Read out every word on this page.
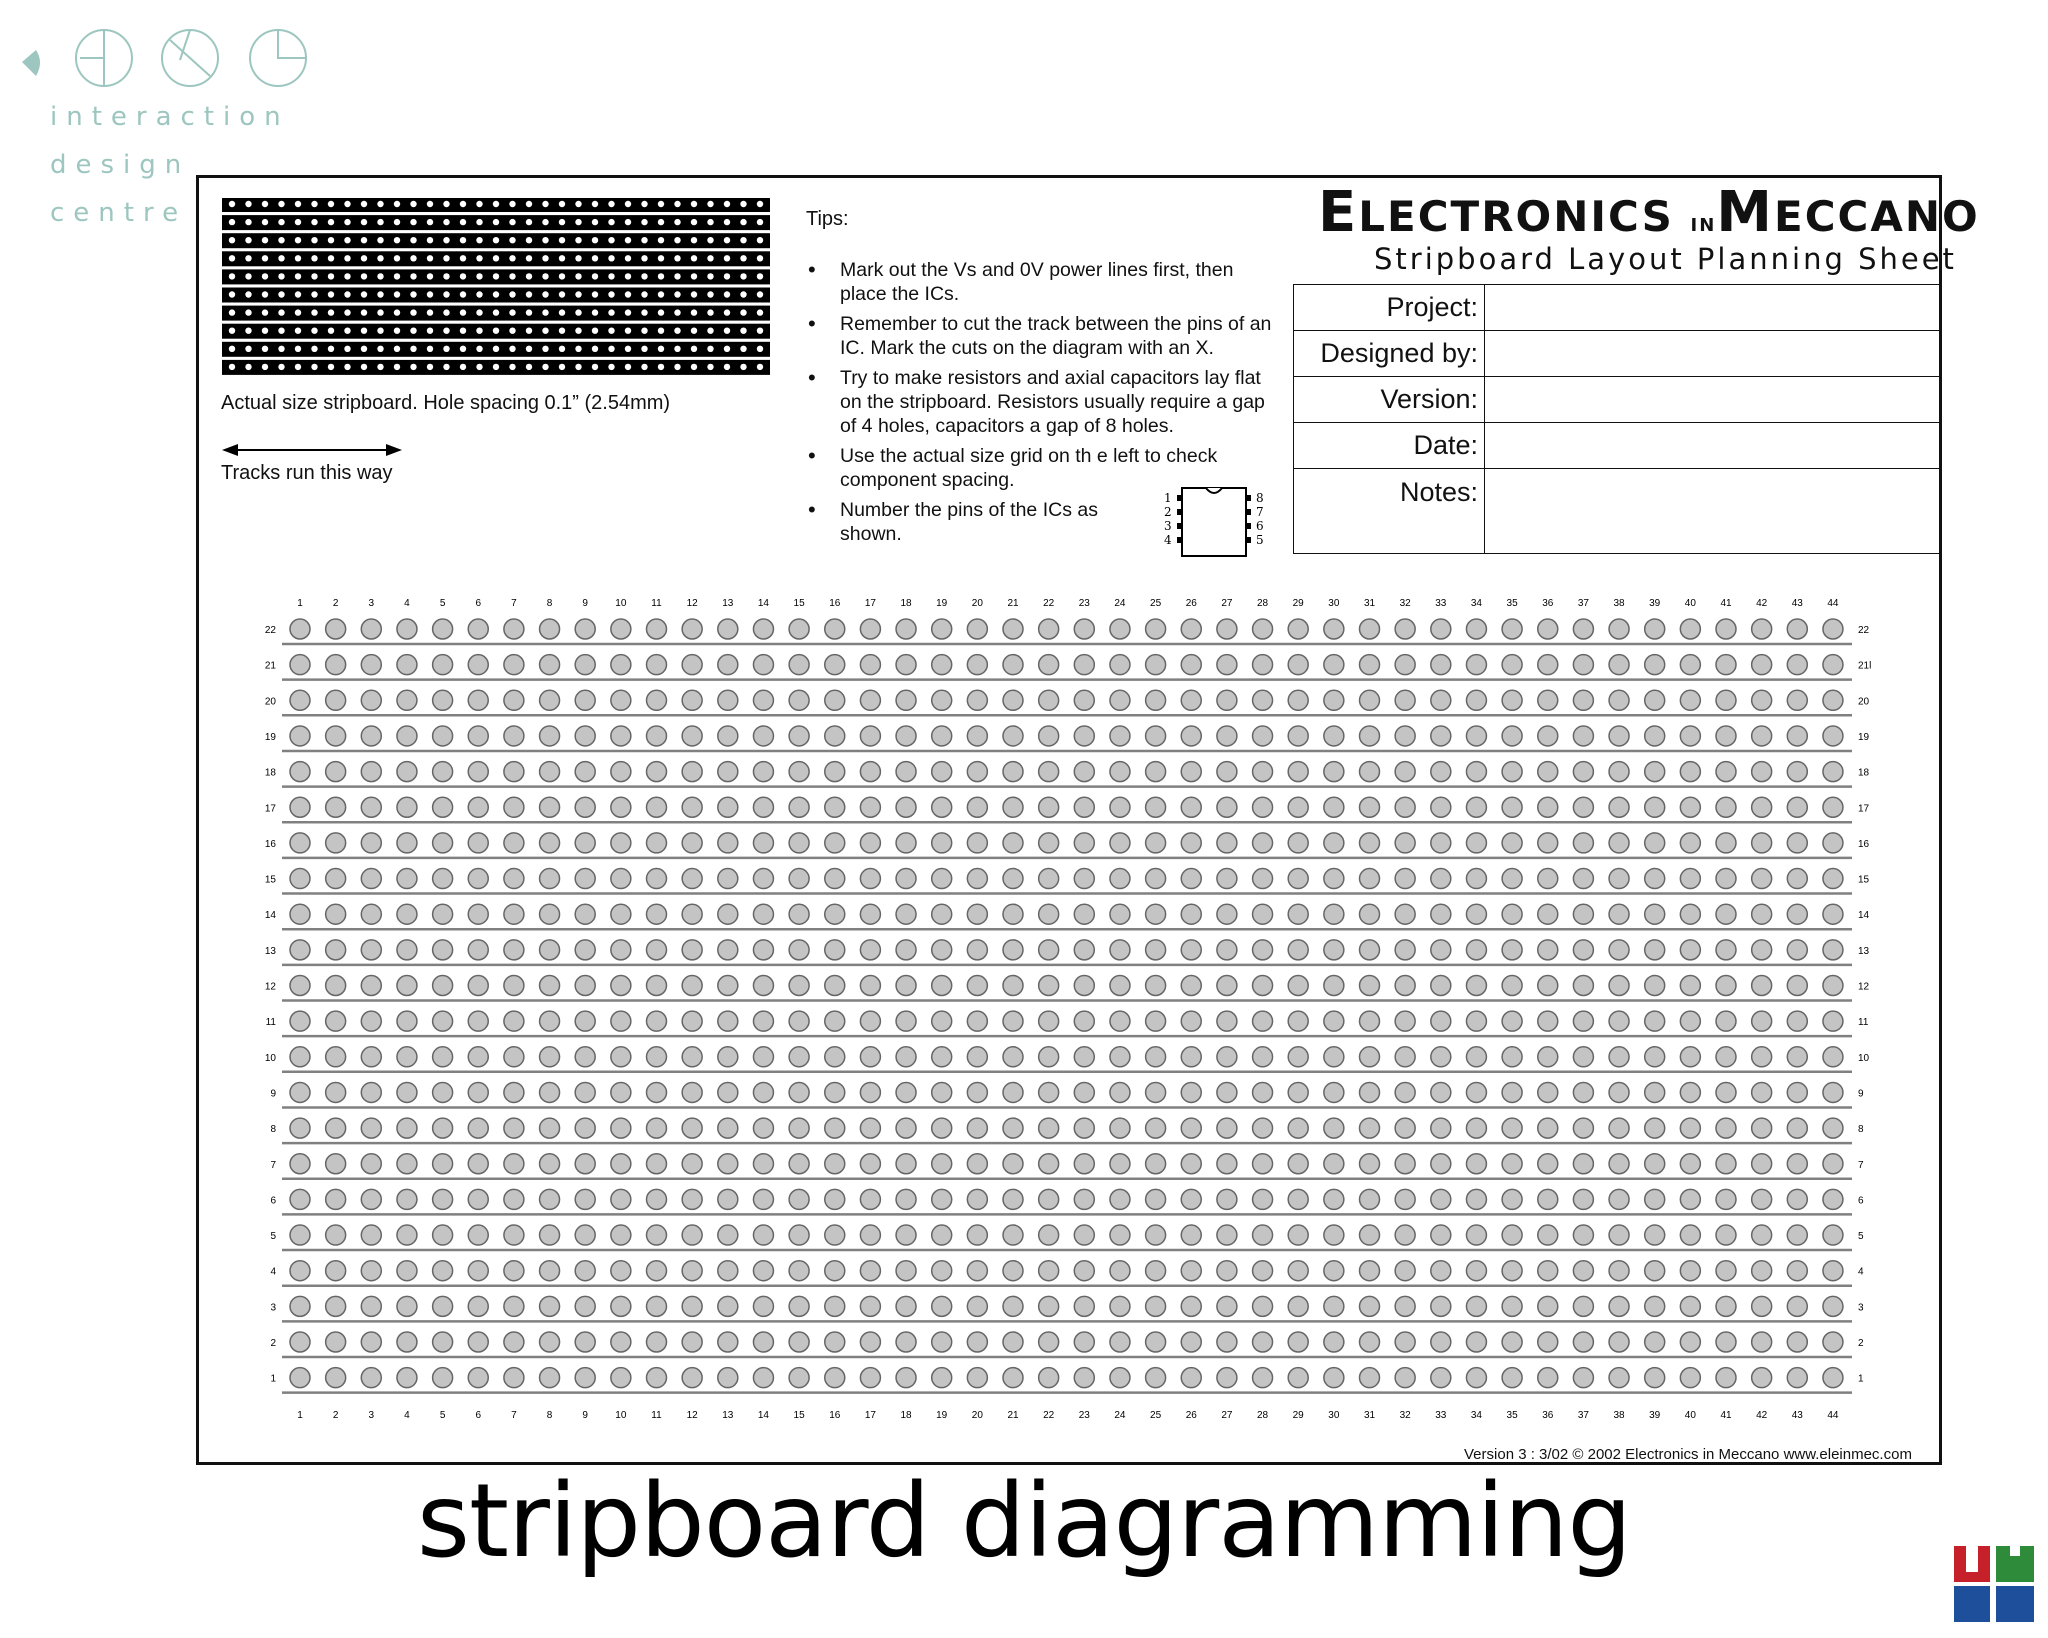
interaction
design
centre
Actual size stripboard. Hole spacing 0.1” (2.54mm)
Tracks run this way
Tips:
• Mark out the Vs and 0V power lines first, then place the ICs.
• Remember to cut the track between the pins of an IC. Mark the cuts on the diagram with an X.
• Try to make resistors and axial capacitors lay flat on the stripboard. Resistors usually require a gap of 4 holes, capacitors a gap of 8 holes.
• Use the actual size grid on th e left to check component spacing.
• Number the pins of the ICs as shown.
1
2
3
4
8
7
6
5
ELECTRONICS INMECCANO
Stripboard Layout Planning Sheet
Project:	
Designed by:	
Version:	
Date:	
Notes:	
1
1
2
2
3
3
4
4
5
5
6
6
7
7
8
8
9
9
10
10
11
11
12
12
13
13
14
14
15
15
16
16
17
17
18
18
19
19
20
20
21
21
22
22
23
23
24
24
25
25
26
26
27
27
28
28
29
29
30
30
31
31
32
32
33
33
34
34
35
35
36
36
37
37
38
38
39
39
40
40
41
41
42
42
43
43
44
44
22	22
21	21l
20	20
19	19
18	18
17	17
16	16
15	15
14	14
13	13
12	12
11	11
10	10
9	9
8	8
7	7
6	6
5	5
4	4
3	3
2	2
1	1
Version 3 : 3/02 © 2002 Electronics in Meccano www.eleinmec.com
stripboard diagramming
